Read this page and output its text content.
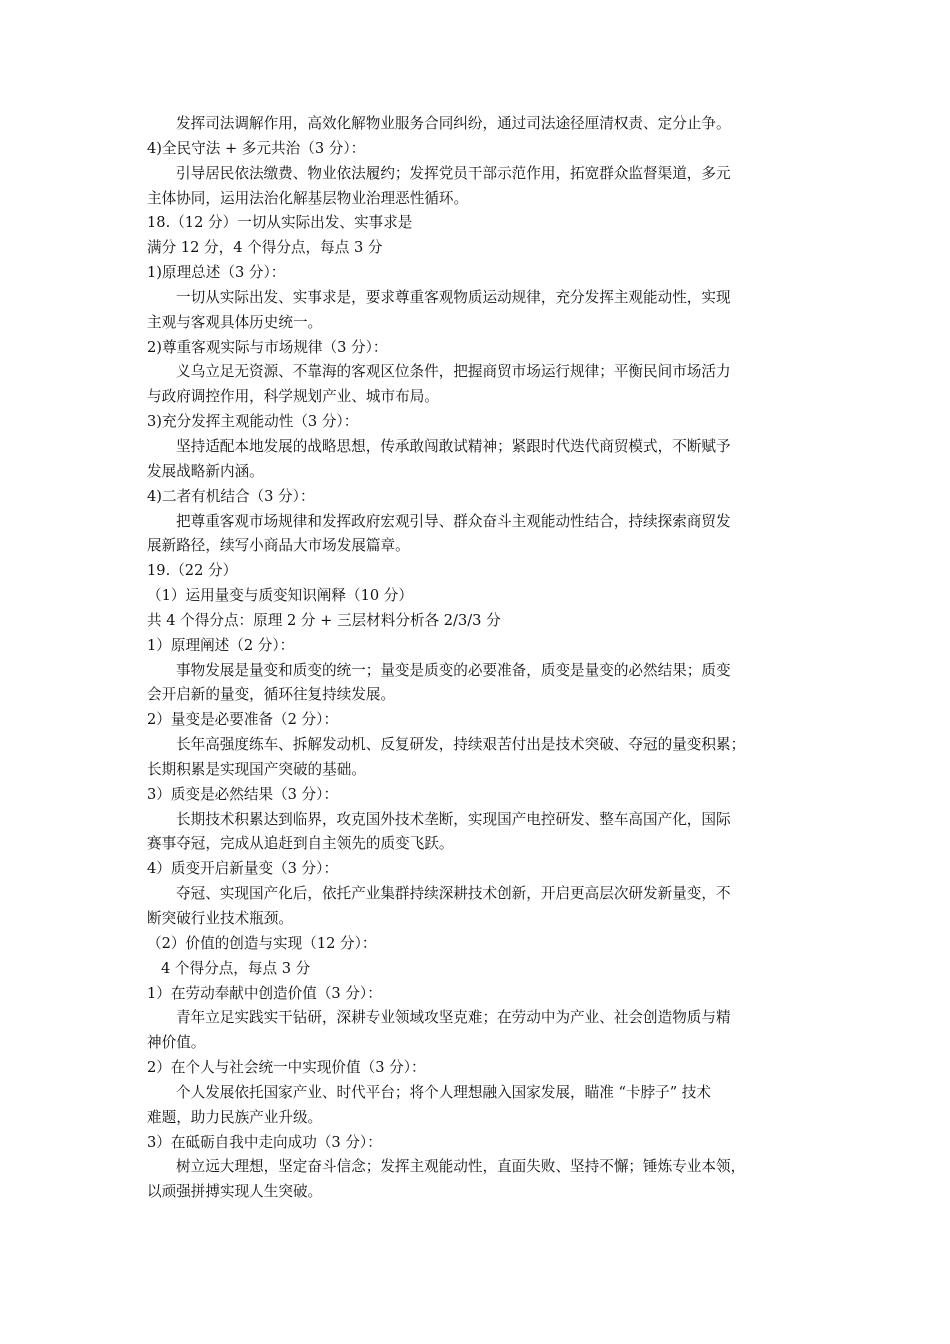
发挥司法调解作用，高效化解物业服务合同纠纷，通过司法途径厘清权责、定分止争。
4)全民守法 + 多元共治（3 分）：
引导居民依法缴费、物业依法履约；发挥党员干部示范作用，拓宽群众监督渠道，多元
主体协同，运用法治化解基层物业治理恶性循环。
18.（12 分）一切从实际出发、实事求是
满分 12 分，4 个得分点，每点 3 分
1)原理总述（3 分）：
一切从实际出发、实事求是，要求尊重客观物质运动规律，充分发挥主观能动性，实现
主观与客观具体历史统一。
2)尊重客观实际与市场规律（3 分）：
义乌立足无资源、不靠海的客观区位条件，把握商贸市场运行规律；平衡民间市场活力
与政府调控作用，科学规划产业、城市布局。
3)充分发挥主观能动性（3 分）：
坚持适配本地发展的战略思想，传承敢闯敢试精神；紧跟时代迭代商贸模式，不断赋予
发展战略新内涵。
4)二者有机结合（3 分）：
把尊重客观市场规律和发挥政府宏观引导、群众奋斗主观能动性结合，持续探索商贸发
展新路径，续写小商品大市场发展篇章。
19.（22 分）
（1）运用量变与质变知识阐释（10 分）
共 4 个得分点：原理 2 分 + 三层材料分析各 2/3/3 分
1）原理阐述（2 分）：
事物发展是量变和质变的统一；量变是质变的必要准备，质变是量变的必然结果；质变
会开启新的量变，循环往复持续发展。
2）量变是必要准备（2 分）：
长年高强度练车、拆解发动机、反复研发，持续艰苦付出是技术突破、夺冠的量变积累；
长期积累是实现国产突破的基础。
3）质变是必然结果（3 分）：
长期技术积累达到临界，攻克国外技术垄断，实现国产电控研发、整车高国产化，国际
赛事夺冠，完成从追赶到自主领先的质变飞跃。
4）质变开启新量变（3 分）：
夺冠、实现国产化后，依托产业集群持续深耕技术创新，开启更高层次研发新量变，不
断突破行业技术瓶颈。
（2）价值的创造与实现（12 分）：
4 个得分点，每点 3 分
1）在劳动奉献中创造价值（3 分）：
青年立足实践实干钻研，深耕专业领域攻坚克难；在劳动中为产业、社会创造物质与精
神价值。
2）在个人与社会统一中实现价值（3 分）：
个人发展依托国家产业、时代平台；将个人理想融入国家发展，瞄准 “卡脖子” 技术
难题，助力民族产业升级。
3）在砥砺自我中走向成功（3 分）：
树立远大理想，坚定奋斗信念；发挥主观能动性，直面失败、坚持不懈；锤炼专业本领，
以顽强拼搏实现人生突破。
